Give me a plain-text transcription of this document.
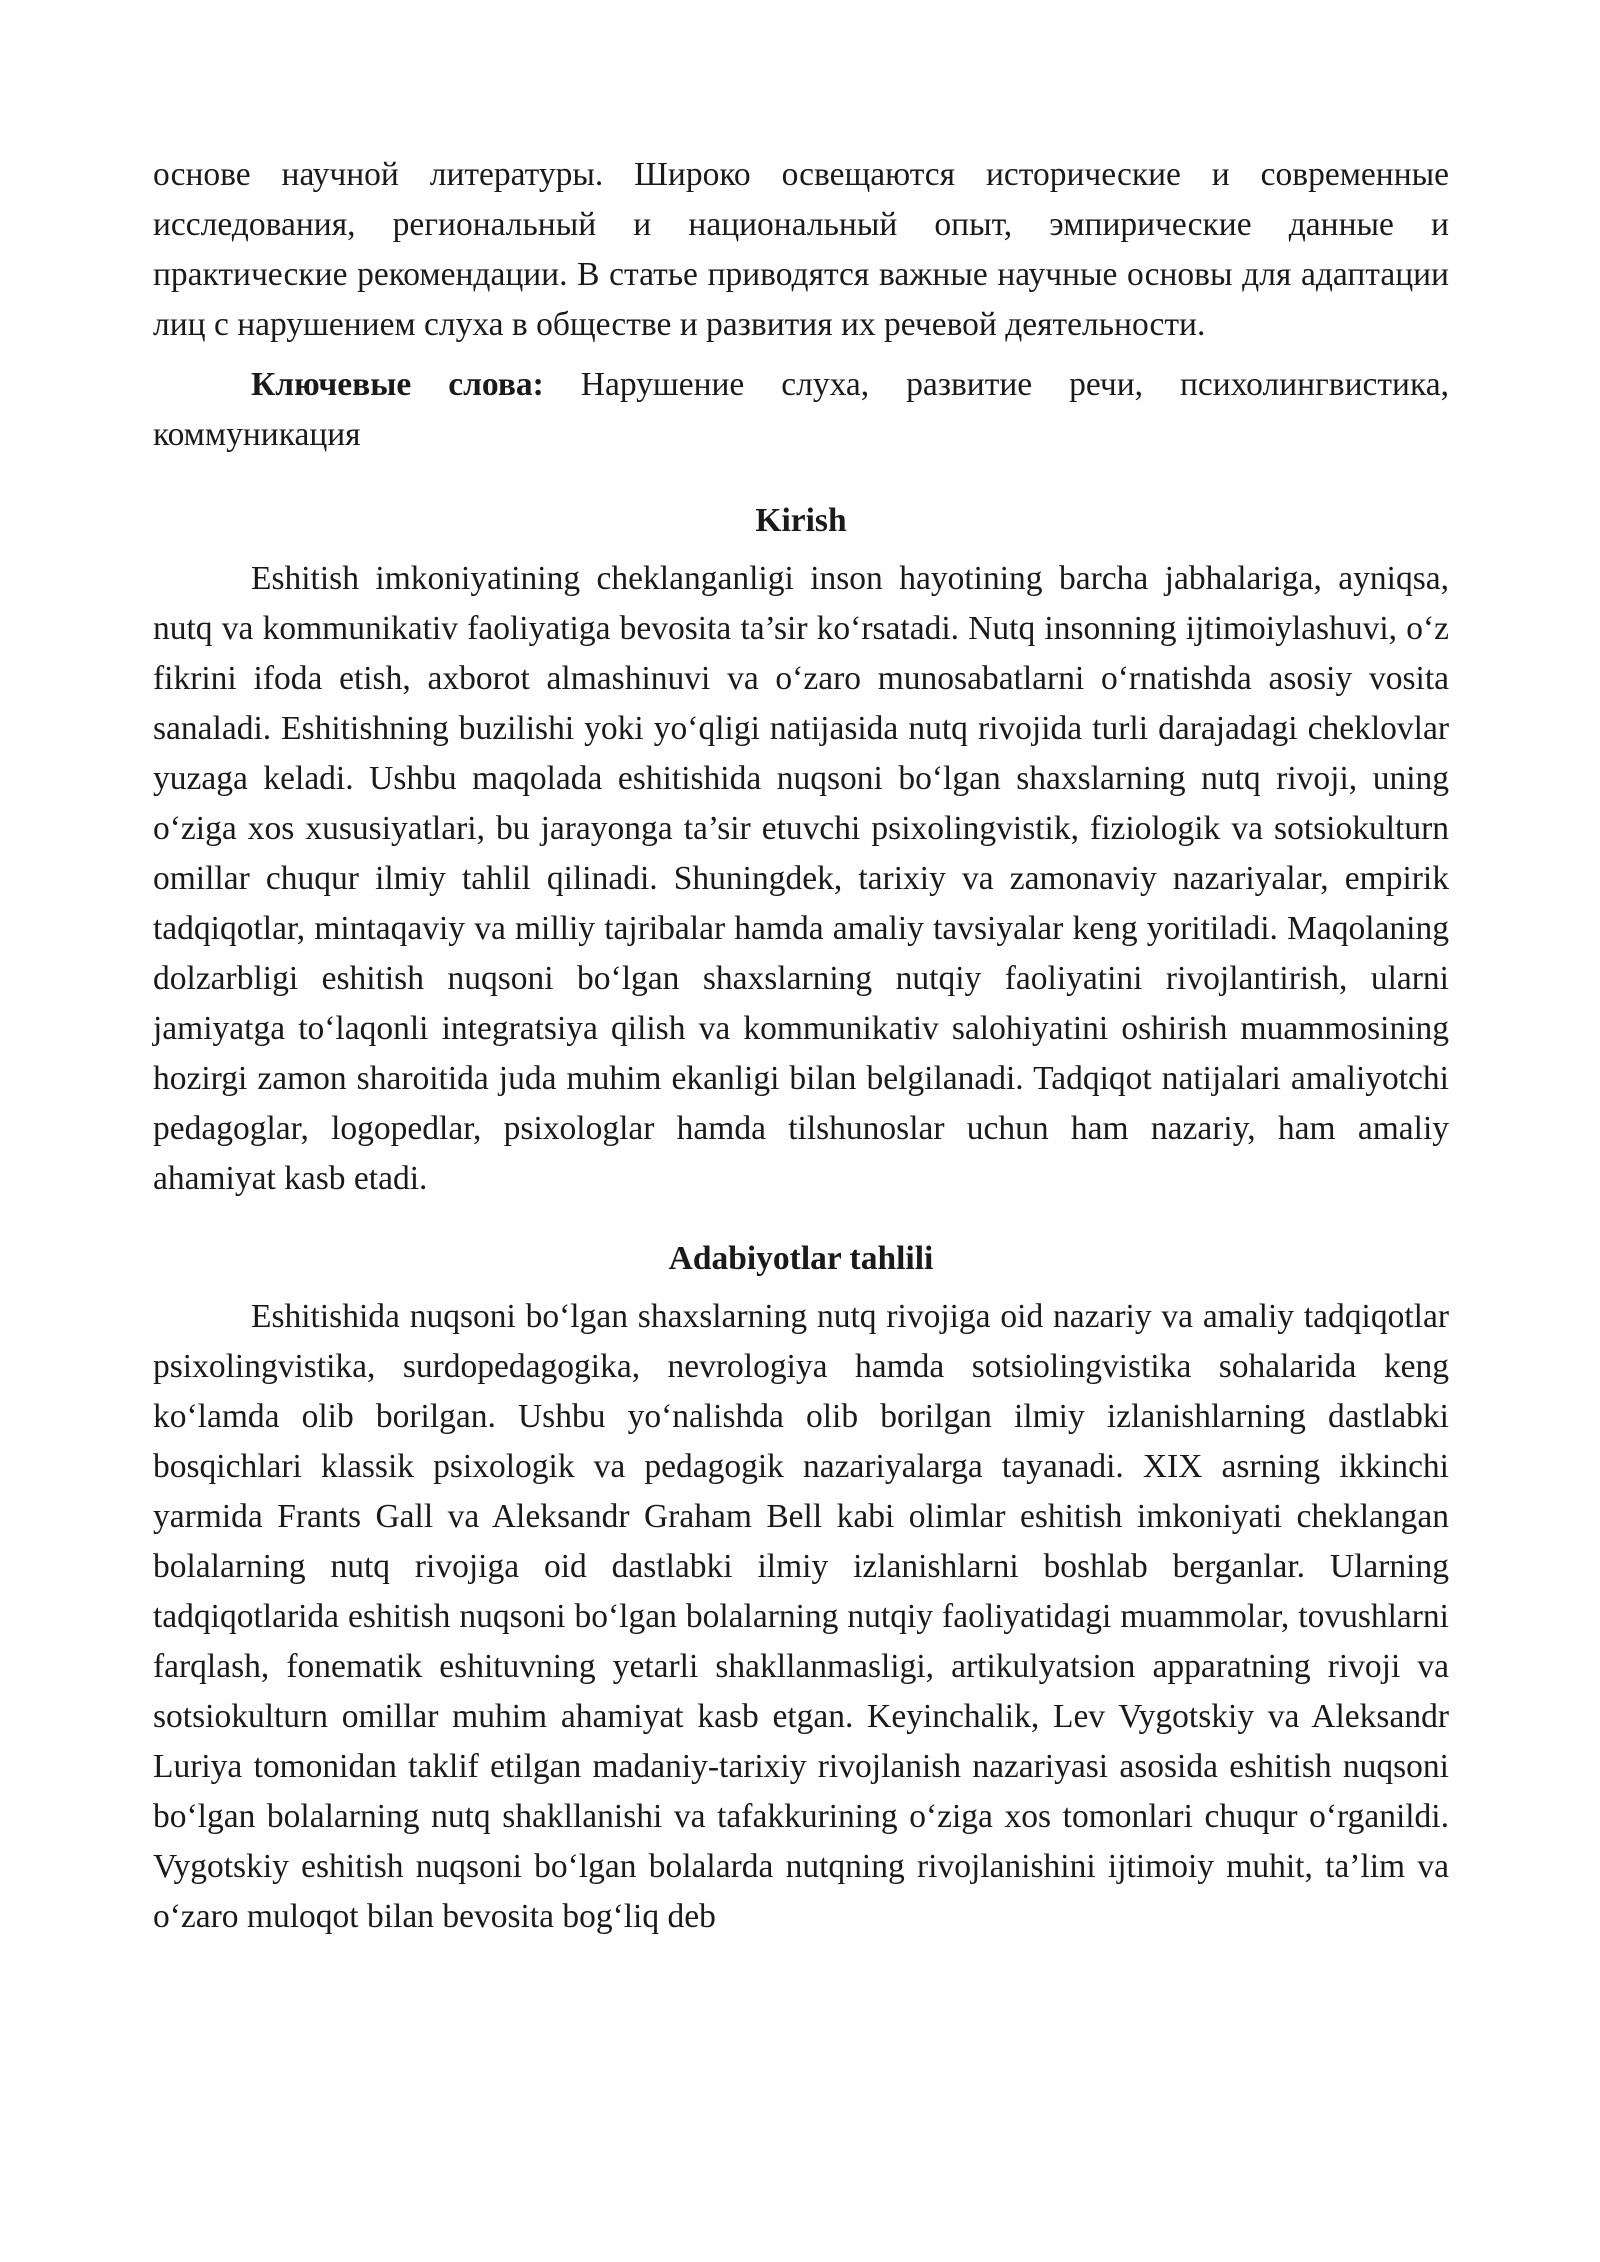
основе научной литературы. Широко освещаются исторические и современные исследования, региональный и национальный опыт, эмпирические данные и практические рекомендации. В статье приводятся важные научные основы для адаптации лиц с нарушением слуха в обществе и развития их речевой деятельности.

Ключевые слова: Нарушение слуха, развитие речи, психолингвистика, коммуникация

Kirish

Eshitish imkoniyatining cheklanganligi inson hayotining barcha jabhalariga, ayniqsa, nutq va kommunikativ faoliyatiga bevosita ta’sir ko‘rsatadi. Nutq insonning ijtimoiylashuvi, o‘z fikrini ifoda etish, axborot almashinuvi va o‘zaro munosabatlarni o‘rnatishda asosiy vosita sanaladi. Eshitishning buzilishi yoki yo‘qligi natijasida nutq rivojida turli darajadagi cheklovlar yuzaga keladi. Ushbu maqolada eshitishida nuqsoni bo‘lgan shaxslarning nutq rivoji, uning o‘ziga xos xususiyatlari, bu jarayonga ta’sir etuvchi psixolingvistik, fiziologik va sotsiokulturn omillar chuqur ilmiy tahlil qilinadi. Shuningdek, tarixiy va zamonaviy nazariyalar, empirik tadqiqotlar, mintaqaviy va milliy tajribalar hamda amaliy tavsiyalar keng yoritiladi. Maqolaning dolzarbligi eshitish nuqsoni bo‘lgan shaxslarning nutqiy faoliyatini rivojlantirish, ularni jamiyatga to‘laqonli integratsiya qilish va kommunikativ salohiyatini oshirish muammosining hozirgi zamon sharoitida juda muhim ekanligi bilan belgilanadi. Tadqiqot natijalari amaliyotchi pedagoglar, logopedlar, psixologlar hamda tilshunoslar uchun ham nazariy, ham amaliy ahamiyat kasb etadi.

Adabiyotlar tahlili

Eshitishida nuqsoni bo‘lgan shaxslarning nutq rivojiga oid nazariy va amaliy tadqiqotlar psixolingvistika, surdopedagogika, nevrologiya hamda sotsiolingvistika sohalarida keng ko‘lamda olib borilgan. Ushbu yo‘nalishda olib borilgan ilmiy izlanishlarning dastlabki bosqichlari klassik psixologik va pedagogik nazariyalarga tayanadi. XIX asrning ikkinchi yarmida Frants Gall va Aleksandr Graham Bell kabi olimlar eshitish imkoniyati cheklangan bolalarning nutq rivojiga oid dastlabki ilmiy izlanishlarni boshlab berganlar. Ularning tadqiqotlarida eshitish nuqsoni bo‘lgan bolalarning nutqiy faoliyatidagi muammolar, tovushlarni farqlash, fonematik eshituvning yetarli shakllanmasligi, artikulyatsion apparatning rivoji va sotsiokulturn omillar muhim ahamiyat kasb etgan. Keyinchalik, Lev Vygotskiy va Aleksandr Luriya tomonidan taklif etilgan madaniy-tarixiy rivojlanish nazariyasi asosida eshitish nuqsoni bo‘lgan bolalarning nutq shakllanishi va tafakkurining o‘ziga xos tomonlari chuqur o‘rganildi. Vygotskiy eshitish nuqsoni bo‘lgan bolalarda nutqning rivojlanishini ijtimoiy muhit, ta’lim va o‘zaro muloqot bilan bevosita bog‘liq deb
